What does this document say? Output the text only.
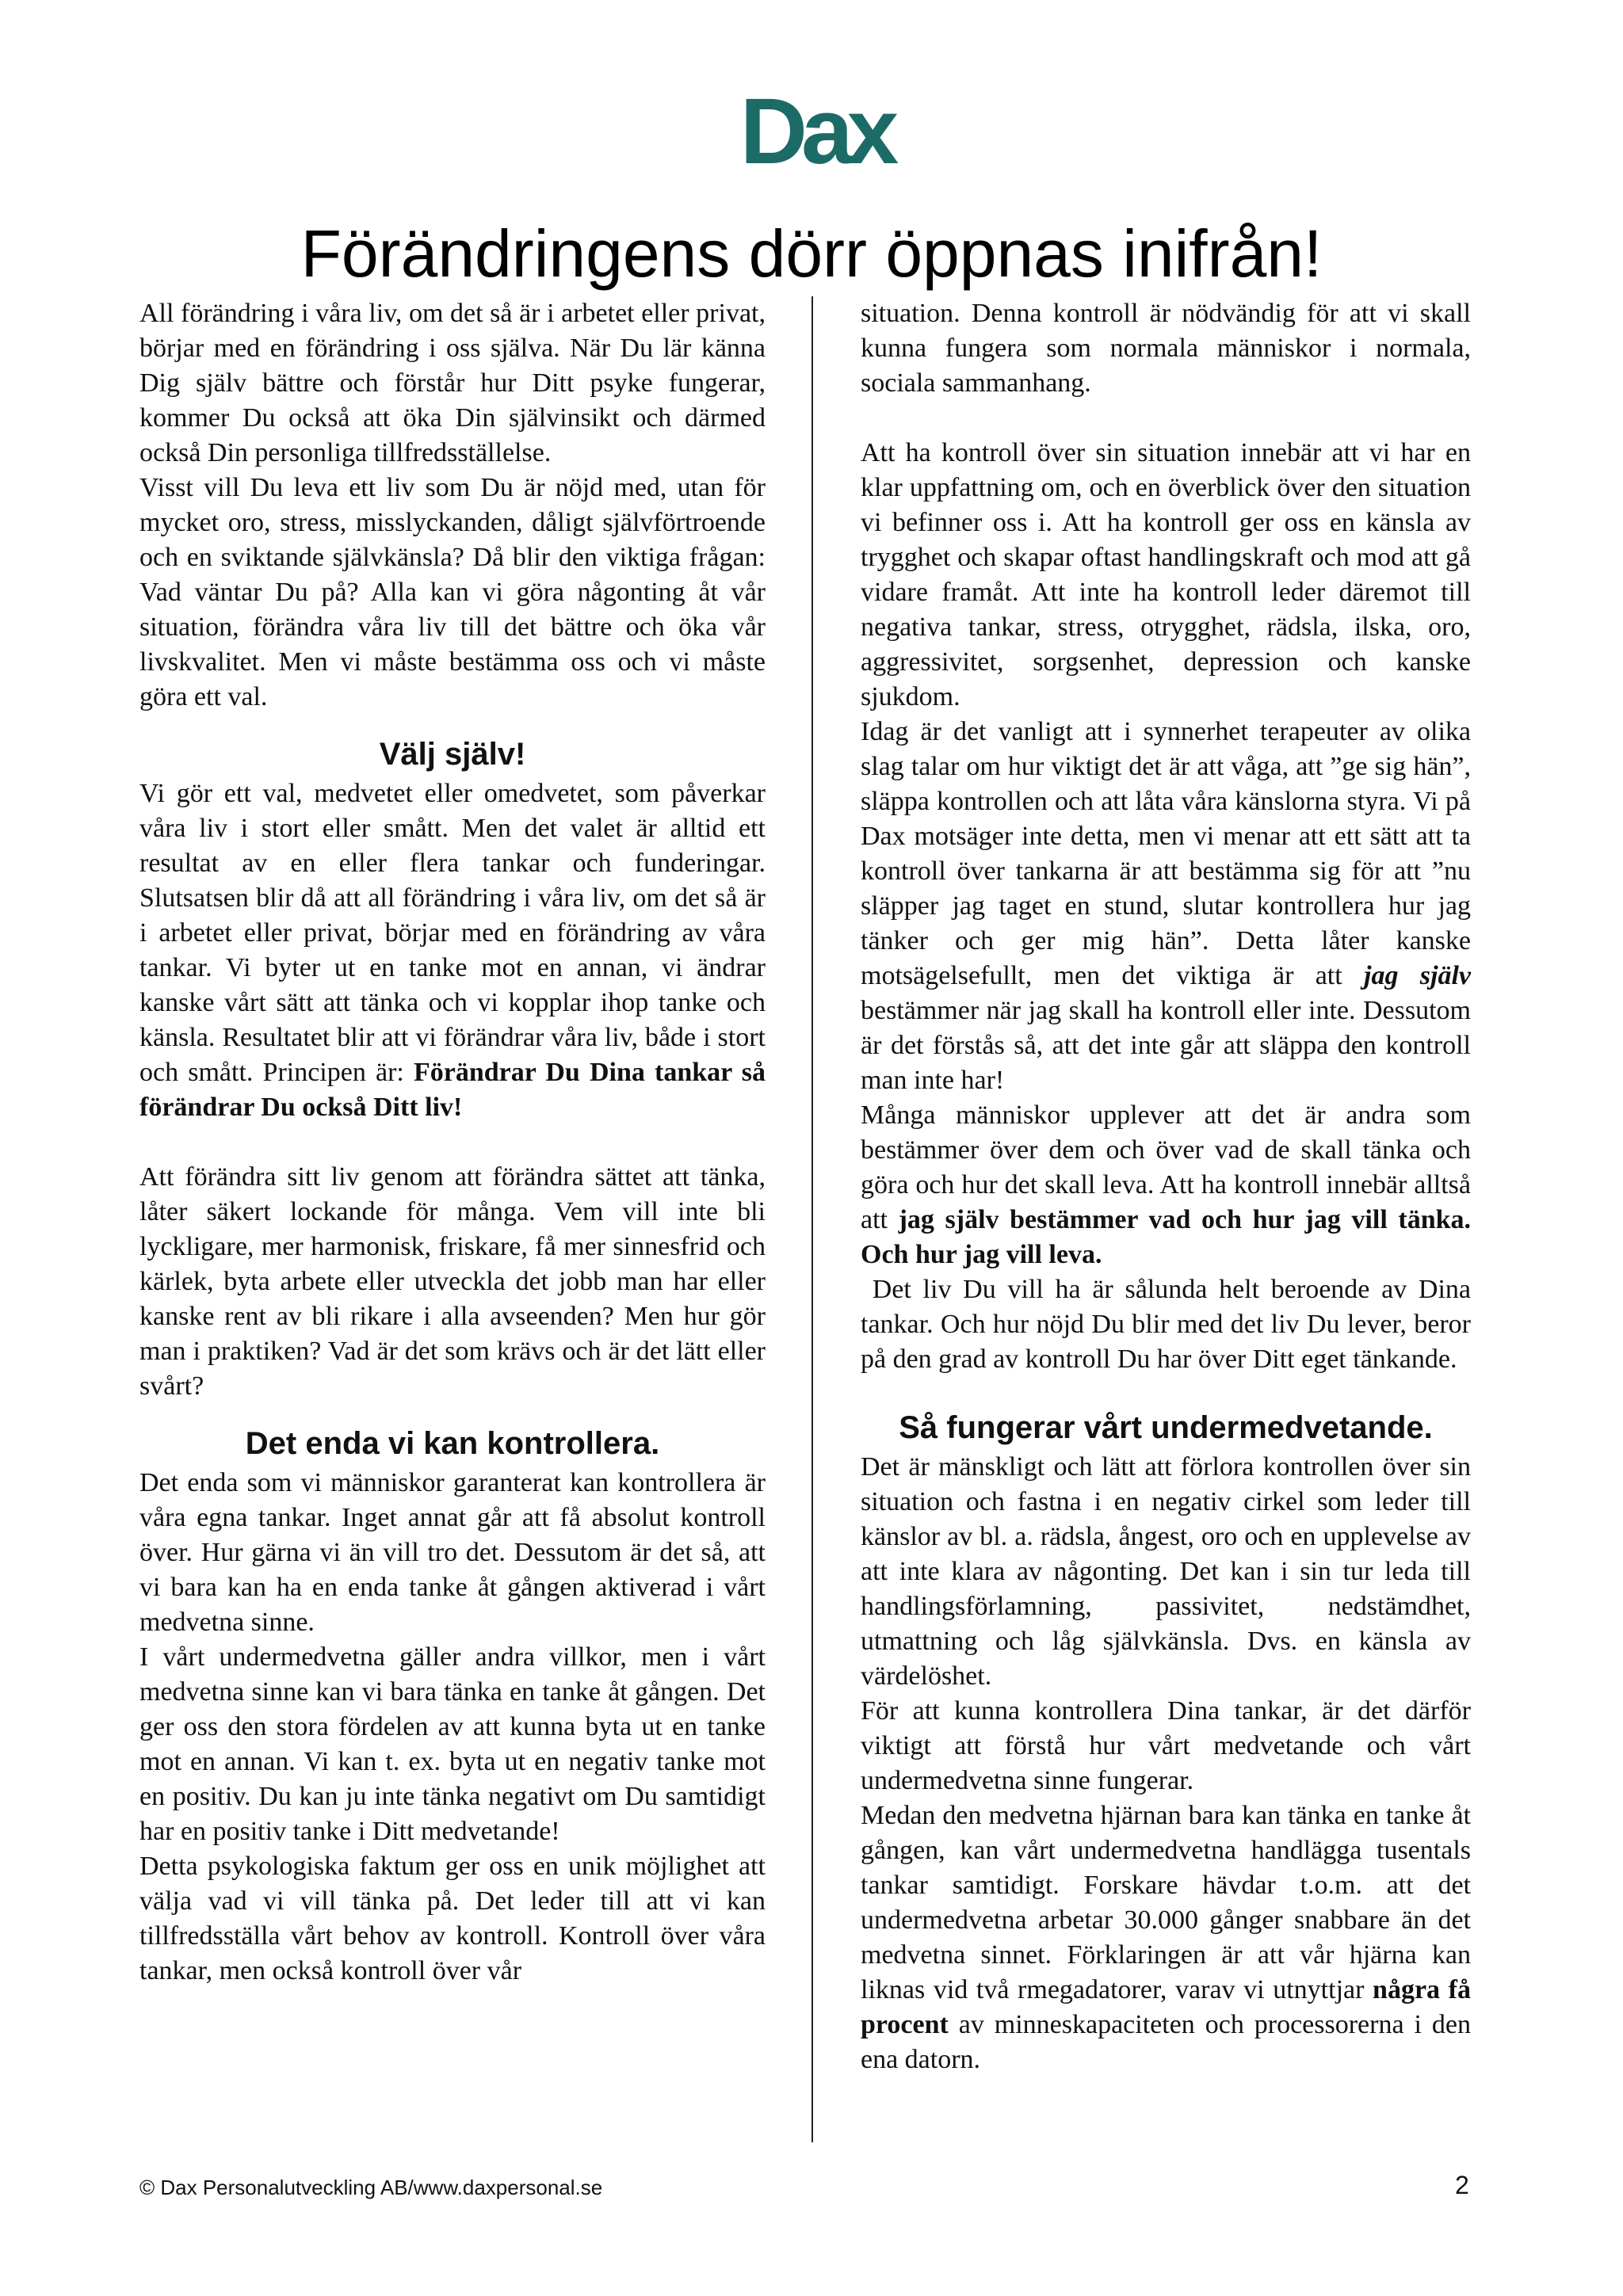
Dax
Förändringens dörr öppnas inifrån!

All förändring i våra liv, om det så är i arbetet eller privat, börjar med en förändring i oss själva. När Du lär känna Dig själv bättre och förstår hur Ditt psyke fungerar, kommer Du också att öka Din självinsikt och därmed också Din personliga tillfredsställelse.

Visst vill Du leva ett liv som Du är nöjd med, utan för mycket oro, stress, misslyckanden, dåligt självförtroende och en sviktande självkänsla? Då blir den viktiga frågan: Vad väntar Du på? Alla kan vi göra någonting åt vår situation, förändra våra liv till det bättre och öka vår livskvalitet. Men vi måste bestämma oss och vi måste göra ett val.

Välj själv!

Vi gör ett val, medvetet eller omedvetet, som påverkar våra liv i stort eller smått. Men det valet är alltid ett resultat av en eller flera tankar och funderingar. Slutsatsen blir då att all förändring i våra liv, om det så är i arbetet eller privat, börjar med en förändring av våra tankar. Vi byter ut en tanke mot en annan, vi ändrar kanske vårt sätt att tänka och vi kopplar ihop tanke och känsla. Resultatet blir att vi förändrar våra liv, både i stort och smått. Principen är: Förändrar Du Dina tankar så förändrar Du också Ditt liv!

Att förändra sitt liv genom att förändra sättet att tänka, låter säkert lockande för många. Vem vill inte bli lyckligare, mer harmonisk, friskare, få mer sinnesfrid och kärlek, byta arbete eller utveckla det jobb man har eller kanske rent av bli rikare i alla avseenden? Men hur gör man i praktiken? Vad är det som krävs och är det lätt eller svårt?

Det enda vi kan kontrollera.

Det enda som vi människor garanterat kan kontrollera är våra egna tankar. Inget annat går att få absolut kontroll över. Hur gärna vi än vill tro det. Dessutom är det så, att vi bara kan ha en enda tanke åt gången aktiverad i vårt medvetna sinne.

I vårt undermedvetna gäller andra villkor, men i vårt medvetna sinne kan vi bara tänka en tanke åt gången. Det ger oss den stora fördelen av att kunna byta ut en tanke mot en annan. Vi kan t. ex. byta ut en negativ tanke mot en positiv. Du kan ju inte tänka negativt om Du samtidigt har en positiv tanke i Ditt medvetande!

Detta psykologiska faktum ger oss en unik möjlighet att välja vad vi vill tänka på. Det leder till att vi kan tillfredsställa vårt behov av kontroll. Kontroll över våra tankar, men också kontroll över vår

situation. Denna kontroll är nödvändig för att vi skall kunna fungera som normala människor i normala, sociala sammanhang.

Att ha kontroll över sin situation innebär att vi har en klar uppfattning om, och en överblick över den situation vi befinner oss i. Att ha kontroll ger oss en känsla av trygghet och skapar oftast handlingskraft och mod att gå vidare framåt. Att inte ha kontroll leder däremot till negativa tankar, stress, otrygghet, rädsla, ilska, oro, aggressivitet, sorgsenhet, depression och kanske sjukdom.

Idag är det vanligt att i synnerhet terapeuter av olika slag talar om hur viktigt det är att våga, att ”ge sig hän”, släppa kontrollen och att låta våra känslorna styra. Vi på Dax motsäger inte detta, men vi menar att ett sätt att ta kontroll över tankarna är att bestämma sig för att ”nu släpper jag taget en stund, slutar kontrollera hur jag tänker och ger mig hän”. Detta låter kanske motsägelsefullt, men det viktiga är att jag själv bestämmer när jag skall ha kontroll eller inte. Dessutom är det förstås så, att det inte går att släppa den kontroll man inte har!

Många människor upplever att det är andra som bestämmer över dem och över vad de skall tänka och göra och hur det skall leva. Att ha kontroll innebär alltså att jag själv bestämmer vad och hur jag vill tänka. Och hur jag vill leva.

Det liv Du vill ha är sålunda helt beroende av Dina tankar. Och hur nöjd Du blir med det liv Du lever, beror på den grad av kontroll Du har över Ditt eget tänkande.

Så fungerar vårt undermedvetande.

Det är mänskligt och lätt att förlora kontrollen över sin situation och fastna i en negativ cirkel som leder till känslor av bl. a. rädsla, ångest, oro och en upplevelse av att inte klara av någonting. Det kan i sin tur leda till handlingsförlamning, passivitet, nedstämdhet, utmattning och låg självkänsla. Dvs. en känsla av värdelöshet.

För att kunna kontrollera Dina tankar, är det därför viktigt att förstå hur vårt medvetande och vårt undermedvetna sinne fungerar.

Medan den medvetna hjärnan bara kan tänka en tanke åt gången, kan vårt undermedvetna handlägga tusentals tankar samtidigt. Forskare hävdar t.o.m. att det undermedvetna arbetar 30.000 gånger snabbare än det medvetna sinnet. Förklaringen är att vår hjärna kan liknas vid två rmegadatorer, varav vi utnyttjar några få procent av minneskapaciteten och processorerna i den ena datorn.

© Dax Personalutveckling AB/www.daxpersonal.se	2
